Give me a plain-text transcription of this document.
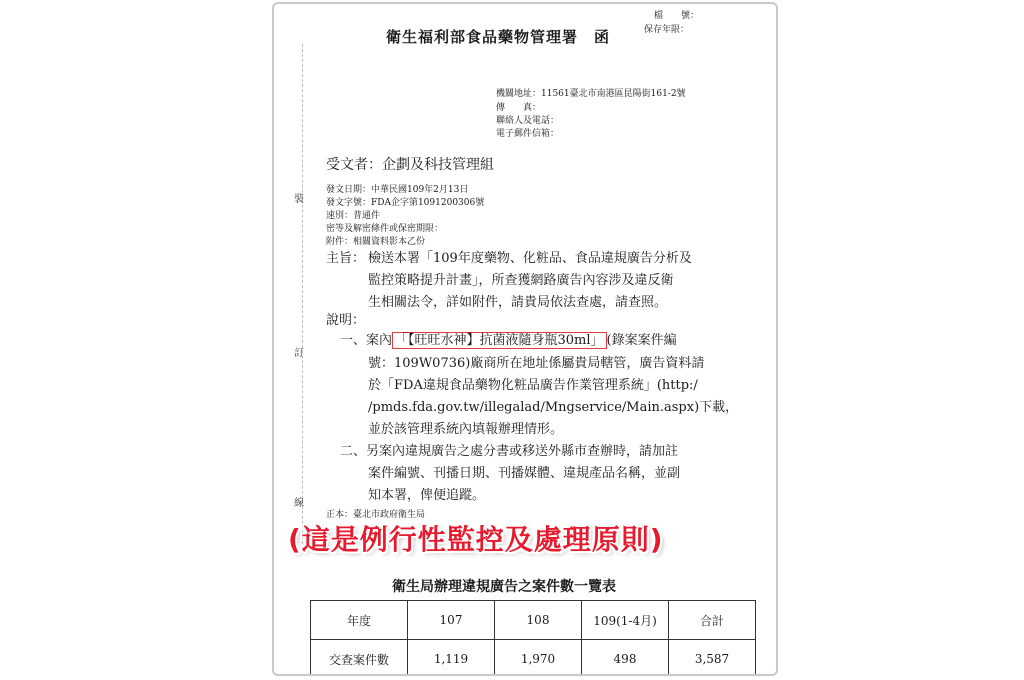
檔　　號：
保存年限：
衛生福利部食品藥物管理署　函
機關地址：11561臺北市南港區昆陽街161-2號
傳　　真：
聯絡人及電話：
電子郵件信箱：
受文者：企劃及科技管理組
發文日期：中華民國109年2月13日
發文字號：FDA企字第1091200306號
速別：普通件
密等及解密條件或保密期限：
附件：相關資料影本乙份
裝
訂
線
主旨： 檢送本署「109年度藥物、化粧品、食品違規廣告分析及
監控策略提升計畫」，所查獲網路廣告內容涉及違反衛
生相關法令，詳如附件，請貴局依法查處，請查照。
說明：
一、案內 「【旺旺水神】抗菌液隨身瓶30ml」 (錄案案件編
號：109W0736)廠商所在地址係屬貴局轄管，廣告資料請
於「FDA違規食品藥物化粧品廣告作業管理系統」(http:/
/pmds.fda.gov.tw/illegalad/Mngservice/Main.aspx)下載，
並於該管理系統內填報辦理情形。
二、另案內違規廣告之處分書或移送外縣市查辦時，請加註
案件編號、刊播日期、刊播媒體、違規產品名稱，並副
知本署，俾便追蹤。
正本：臺北市政府衛生局
(這是例行性監控及處理原則)
衛生局辦理違規廣告之案件數一覽表
年度	107	108	109(1-4月)	合計
交查案件數	1,119	1,970	498	3,587
